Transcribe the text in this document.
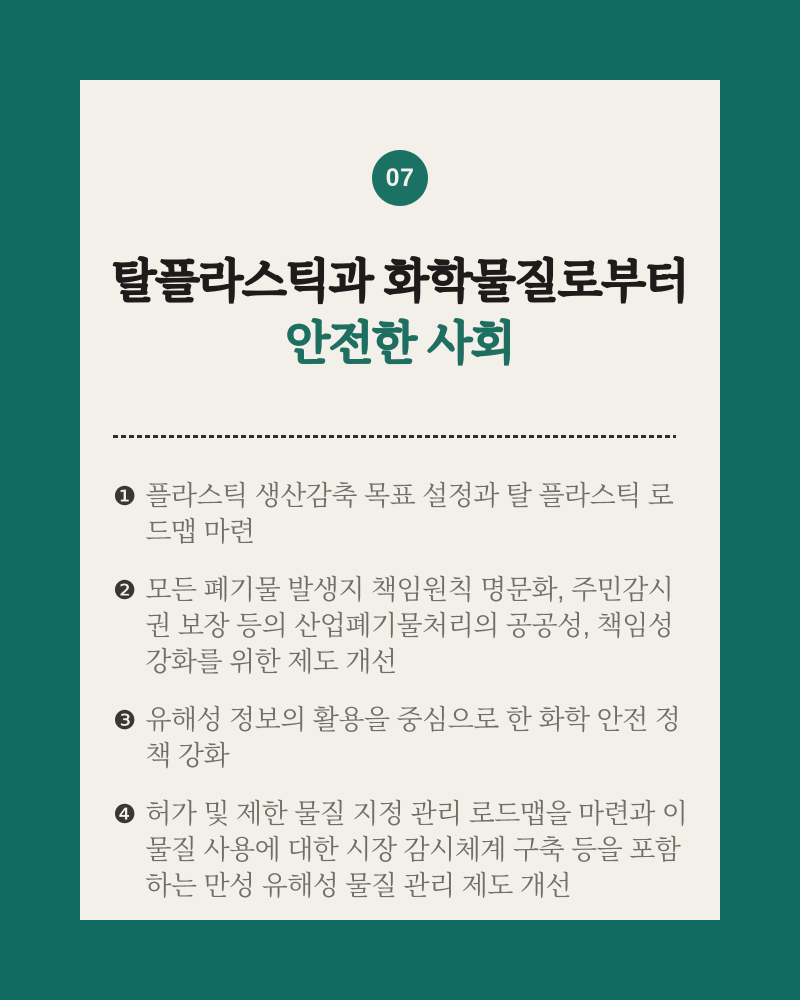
07
탈플라스틱과 화학물질로부터
안전한 사회
❶ 플라스틱 생산감축 목표 설정과 탈 플라스틱 로드맵 마련
❷ 모든 폐기물 발생지 책임원칙 명문화, 주민감시권 보장 등의 산업폐기물처리의 공공성, 책임성 강화를 위한 제도 개선
❸ 유해성 정보의 활용을 중심으로 한 화학 안전 정책 강화
❹ 허가 및 제한 물질 지정 관리 로드맵을 마련과 이 물질 사용에 대한 시장 감시체계 구축 등을 포함하는 만성 유해성 물질 관리 제도 개선
